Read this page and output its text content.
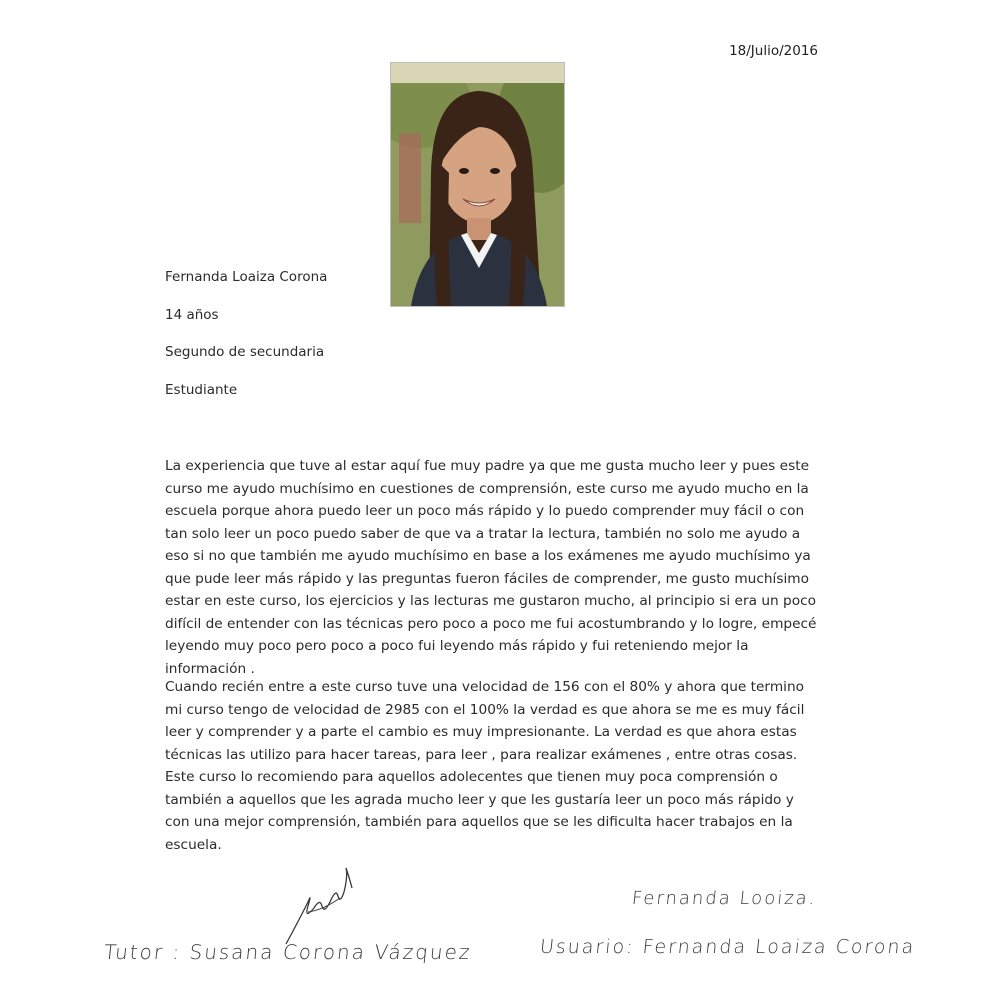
18/Julio/2016
Fernanda Loaiza Corona
14 años
Segundo de secundaria
Estudiante

La experiencia que tuve al estar aquí fue muy padre ya que me gusta mucho leer y pues este curso me ayudo muchísimo en cuestiones de comprensión, este curso me ayudo mucho en la escuela porque ahora puedo leer un poco más rápido y lo puedo comprender muy fácil o con tan solo leer un poco puedo saber de que va a tratar la lectura, también no solo me ayudo a eso si no que también me ayudo muchísimo en base a los exámenes me ayudo muchísimo ya que pude leer más rápido y las preguntas fueron fáciles de comprender, me gusto muchísimo estar en este curso, los ejercicios y las lecturas me gustaron mucho, al principio si era un poco difícil de entender con las técnicas pero poco a poco me fui acostumbrando y lo logre, empecé leyendo muy poco pero poco a poco fui leyendo más rápido y fui reteniendo mejor la información .

Cuando recién entre a este curso tuve una velocidad de 156 con el 80% y ahora que termino mi curso tengo de velocidad de 2985 con el 100% la verdad es que ahora se me es muy fácil leer y comprender y a parte el cambio es muy impresionante. La verdad es que ahora estas técnicas las utilizo para hacer tareas, para leer , para realizar exámenes , entre otras cosas. Este curso lo recomiendo para aquellos adolecentes que tienen muy poca comprensión o también a aquellos que les agrada mucho leer y que les gustaría leer un poco más rápido y con una mejor comprensión, también para aquellos que se les dificulta hacer trabajos en la escuela.

Tutor : Susana Corona Vázquez
Fernanda Looiza.
Usuario: Fernanda Loaiza Corona
